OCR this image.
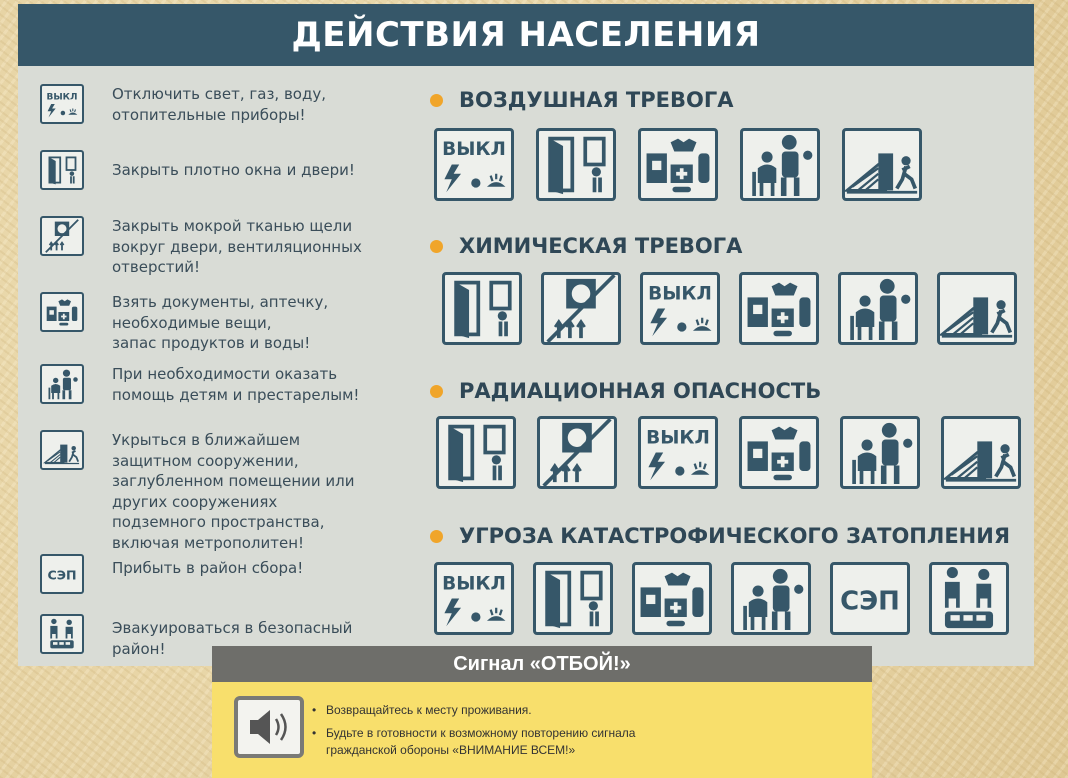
ДЕЙСТВИЯ НАСЕЛЕНИЯ
ВЫКЛ Отключить свет, газ, воду,
отопительные приборы!
Закрыть плотно окна и двери!
Закрыть мокрой тканью щели
вокруг двери, вентиляционных
отверстий!
Взять документы, аптечку,
необходимые вещи,
запас продуктов и воды!
При необходимости оказать
помощь детям и престарелым!
Укрыться в ближайшем
защитном сооружении,
заглубленном помещении или
других сооружениях
подземного пространства,
включая метрополитен!
СЭП Прибыть в район сбора!
Эвакуироваться в безопасный
район!
ВОЗДУШНАЯ ТРЕВОГА
ХИМИЧЕСКАЯ ТРЕВОГА
РАДИАЦИОННАЯ ОПАСНОСТЬ
УГРОЗА КАТАСТРОФИЧЕСКОГО ЗАТОПЛЕНИЯ
ВЫКЛ
ВЫКЛ
ВЫКЛ
ВЫКЛ
СЭП
Сигнал «ОТБОЙ!»
• Возвращайтесь к месту проживания.
• Будьте в готовности к возможному повторению сигнала
гражданской обороны «ВНИМАНИЕ ВСЕМ!»
